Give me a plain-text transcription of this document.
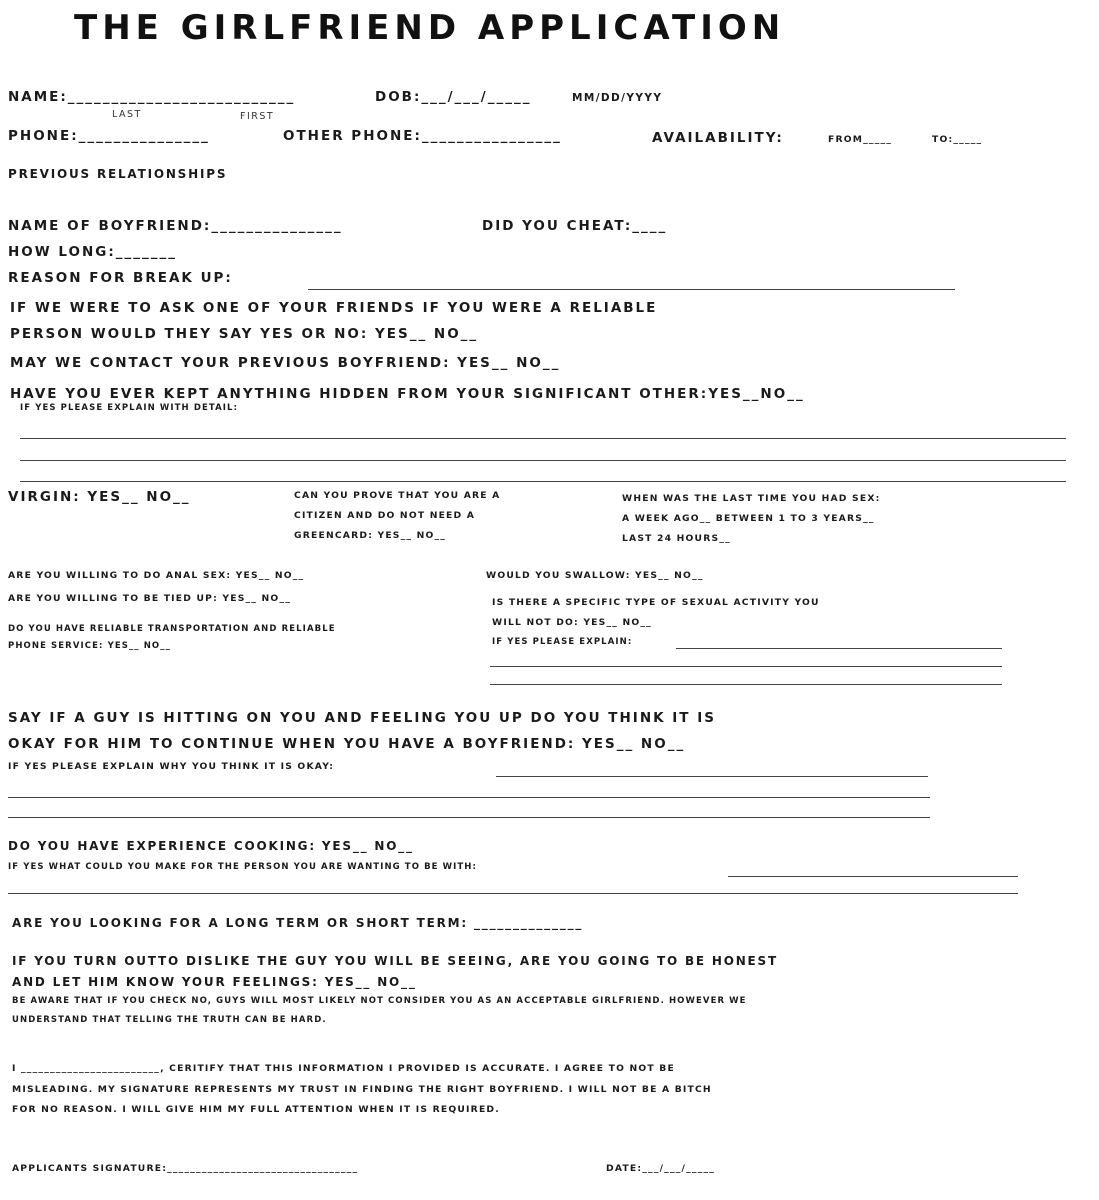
THE GIRLFRIEND APPLICATION
NAME:__________________________	DOB:___/___/_____	MM/DD/YYYY
LAST	FIRST
PHONE:_______________	OTHER PHONE:________________	AVAILABILITY:	FROM_____	TO:_____
PREVIOUS RELATIONSHIPS
NAME OF BOYFRIEND:_______________	DID YOU CHEAT:____
HOW LONG:_______
REASON FOR BREAK UP:
IF WE WERE TO ASK ONE OF YOUR FRIENDS IF YOU WERE A RELIABLE
PERSON WOULD THEY SAY YES OR NO: YES__ NO__
MAY WE CONTACT YOUR PREVIOUS BOYFRIEND: YES__ NO__
HAVE YOU EVER KEPT ANYTHING HIDDEN FROM YOUR SIGNIFICANT OTHER:YES__NO__
IF YES PLEASE EXPLAIN WITH DETAIL:
VIRGIN: YES__ NO__	CAN YOU PROVE THAT YOU ARE A
CITIZEN AND DO NOT NEED A
GREENCARD: YES__ NO__
WHEN WAS THE LAST TIME YOU HAD SEX:
A WEEK AGO__ BETWEEN 1 TO 3 YEARS__
LAST 24 HOURS__
ARE YOU WILLING TO DO ANAL SEX: YES__ NO__
ARE YOU WILLING TO BE TIED UP: YES__ NO__
DO YOU HAVE RELIABLE TRANSPORTATION AND RELIABLE
PHONE SERVICE: YES__ NO__
WOULD YOU SWALLOW: YES__ NO__
IS THERE A SPECIFIC TYPE OF SEXUAL ACTIVITY YOU
WILL NOT DO: YES__ NO__
IF YES PLEASE EXPLAIN:
SAY IF A GUY IS HITTING ON YOU AND FEELING YOU UP DO YOU THINK IT IS
OKAY FOR HIM TO CONTINUE WHEN YOU HAVE A BOYFRIEND: YES__ NO__
IF YES PLEASE EXPLAIN WHY YOU THINK IT IS OKAY:
DO YOU HAVE EXPERIENCE COOKING: YES__ NO__
IF YES WHAT COULD YOU MAKE FOR THE PERSON YOU ARE WANTING TO BE WITH:
ARE YOU LOOKING FOR A LONG TERM OR SHORT TERM: ______________
IF YOU TURN OUTTO DISLIKE THE GUY YOU WILL BE SEEING, ARE YOU GOING TO BE HONEST
AND LET HIM KNOW YOUR FEELINGS: YES__ NO__
BE AWARE THAT IF YOU CHECK NO, GUYS WILL MOST LIKELY NOT CONSIDER YOU AS AN ACCEPTABLE GIRLFRIEND. HOWEVER WE
UNDERSTAND THAT TELLING THE TRUTH CAN BE HARD.
I ________________________, CERITIFY THAT THIS INFORMATION I PROVIDED IS ACCURATE. I AGREE TO NOT BE
MISLEADING. MY SIGNATURE REPRESENTS MY TRUST IN FINDING THE RIGHT BOYFRIEND. I WILL NOT BE A BITCH
FOR NO REASON. I WILL GIVE HIM MY FULL ATTENTION WHEN IT IS REQUIRED.
APPLICANTS SIGNATURE:_________________________________	DATE:___/___/_____
